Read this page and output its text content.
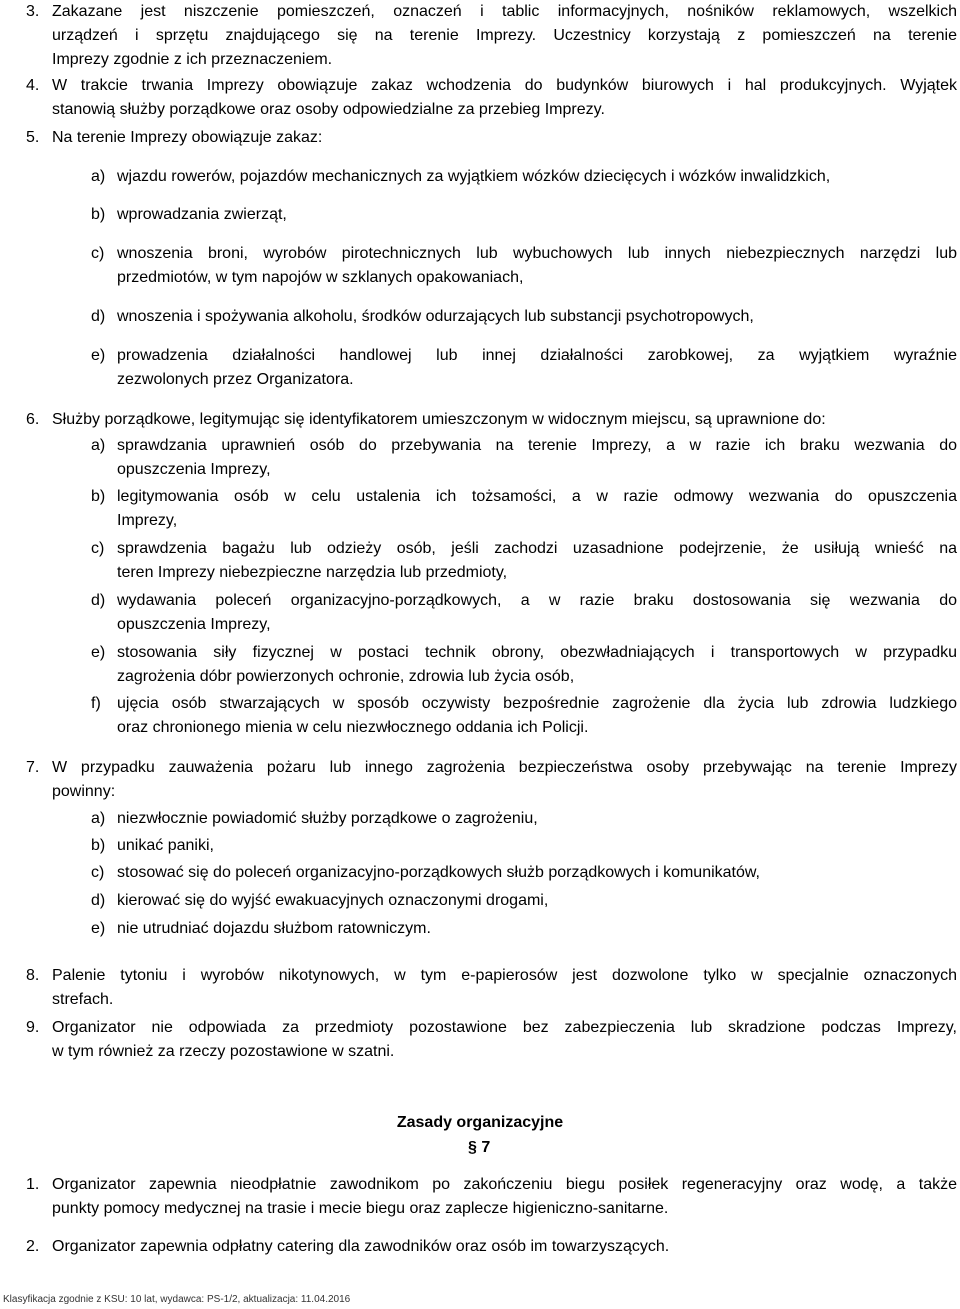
3. Zakazane jest niszczenie pomieszczeń, oznaczeń i tablic informacyjnych, nośników reklamowych, wszelkich
urządzeń i sprzętu znajdującego się na terenie Imprezy. Uczestnicy korzystają z pomieszczeń na terenie
Imprezy zgodnie z ich przeznaczeniem.
4. W trakcie trwania Imprezy obowiązuje zakaz wchodzenia do budynków biurowych i hal produkcyjnych. Wyjątek
stanowią służby porządkowe oraz osoby odpowiedzialne za przebieg Imprezy.
5. Na terenie Imprezy obowiązuje zakaz:
a) wjazdu rowerów, pojazdów mechanicznych za wyjątkiem wózków dziecięcych i wózków inwalidzkich,
b) wprowadzania zwierząt,
c) wnoszenia broni, wyrobów pirotechnicznych lub wybuchowych lub innych niebezpiecznych narzędzi lub
przedmiotów, w tym napojów w szklanych opakowaniach,
d) wnoszenia i spożywania alkoholu, środków odurzających lub substancji psychotropowych,
e) prowadzenia działalności handlowej lub innej działalności zarobkowej, za wyjątkiem wyraźnie
zezwolonych przez Organizatora.
6. Służby porządkowe, legitymując się identyfikatorem umieszczonym w widocznym miejscu, są uprawnione do:
a) sprawdzania uprawnień osób do przebywania na terenie Imprezy, a w razie ich braku wezwania do
opuszczenia Imprezy,
b) legitymowania osób w celu ustalenia ich tożsamości, a w razie odmowy wezwania do opuszczenia
Imprezy,
c) sprawdzenia bagażu lub odzieży osób, jeśli zachodzi uzasadnione podejrzenie, że usiłują wnieść na
teren Imprezy niebezpieczne narzędzia lub przedmioty,
d) wydawania poleceń organizacyjno-porządkowych, a w razie braku dostosowania się wezwania do
opuszczenia Imprezy,
e) stosowania siły fizycznej w postaci technik obrony, obezwładniających i transportowych w przypadku
zagrożenia dóbr powierzonych ochronie, zdrowia lub życia osób,
f) ujęcia osób stwarzających w sposób oczywisty bezpośrednie zagrożenie dla życia lub zdrowia ludzkiego
oraz chronionego mienia w celu niezwłocznego oddania ich Policji.
7. W przypadku zauważenia pożaru lub innego zagrożenia bezpieczeństwa osoby przebywając na terenie Imprezy
powinny:
a) niezwłocznie powiadomić służby porządkowe o zagrożeniu,
b) unikać paniki,
c) stosować się do poleceń organizacyjno-porządkowych służb porządkowych i komunikatów,
d) kierować się do wyjść ewakuacyjnych oznaczonymi drogami,
e) nie utrudniać dojazdu służbom ratowniczym.
8. Palenie tytoniu i wyrobów nikotynowych, w tym e-papierosów jest dozwolone tylko w specjalnie oznaczonych
strefach.
9. Organizator nie odpowiada za przedmioty pozostawione bez zabezpieczenia lub skradzione podczas Imprezy,
w tym również za rzeczy pozostawione w szatni.
Zasady organizacyjne
§ 7
1. Organizator zapewnia nieodpłatnie zawodnikom po zakończeniu biegu posiłek regeneracyjny oraz wodę, a także
punkty pomocy medycznej na trasie i mecie biegu oraz zaplecze higieniczno-sanitarne.
2. Organizator zapewnia odpłatny catering dla zawodników oraz osób im towarzyszących.
Klasyfikacja zgodnie z KSU: 10 lat, wydawca: PS-1/2, aktualizacja: 11.04.2016
